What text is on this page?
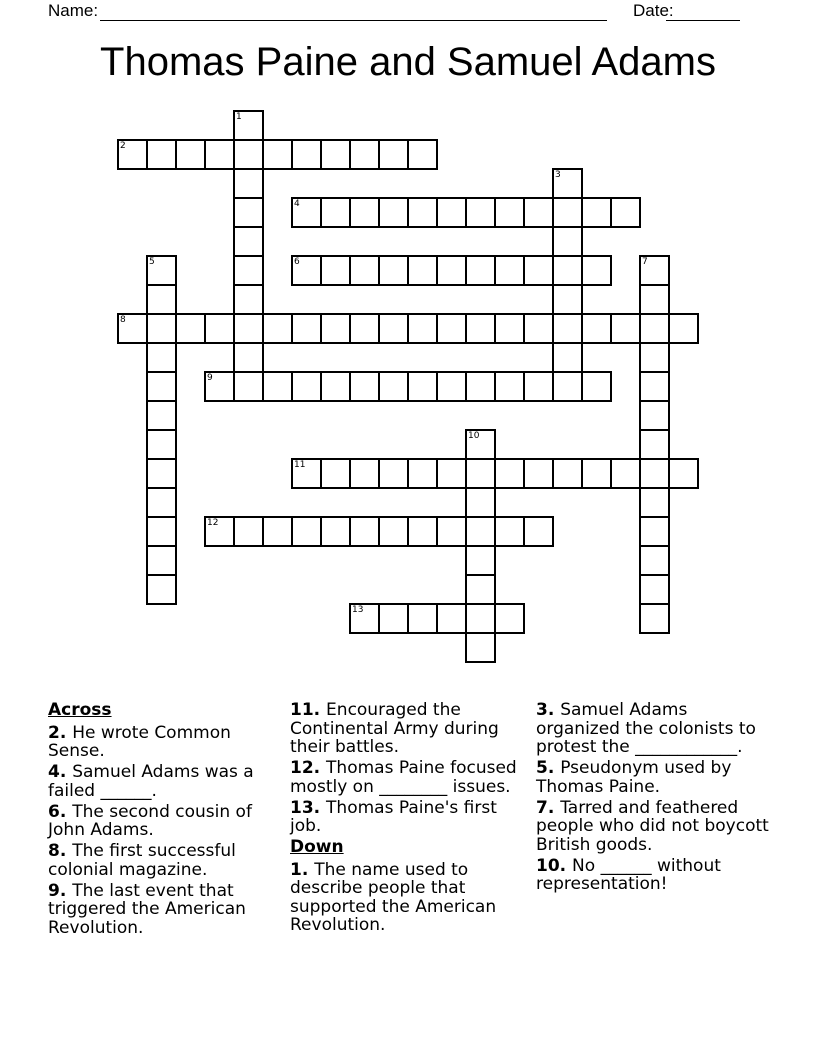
Name:	Date:
Thomas Paine and Samuel Adams
1
2
3
4
5	6	7
8
9
10
11
12
13
Across
2. He wrote Common Sense.
4. Samuel Adams was a failed ______.
6. The second cousin of John Adams.
8. The first successful colonial magazine.
9. The last event that triggered the American Revolution.
11. Encouraged the Continental Army during their battles.
12. Thomas Paine focused mostly on ________ issues.
13. Thomas Paine's first job.
Down
1. The name used to describe people that supported the American Revolution.
3. Samuel Adams organized the colonists to protest the ____________.
5. Pseudonym used by Thomas Paine.
7. Tarred and feathered people who did not boycott British goods.
10. No ______ without representation!
